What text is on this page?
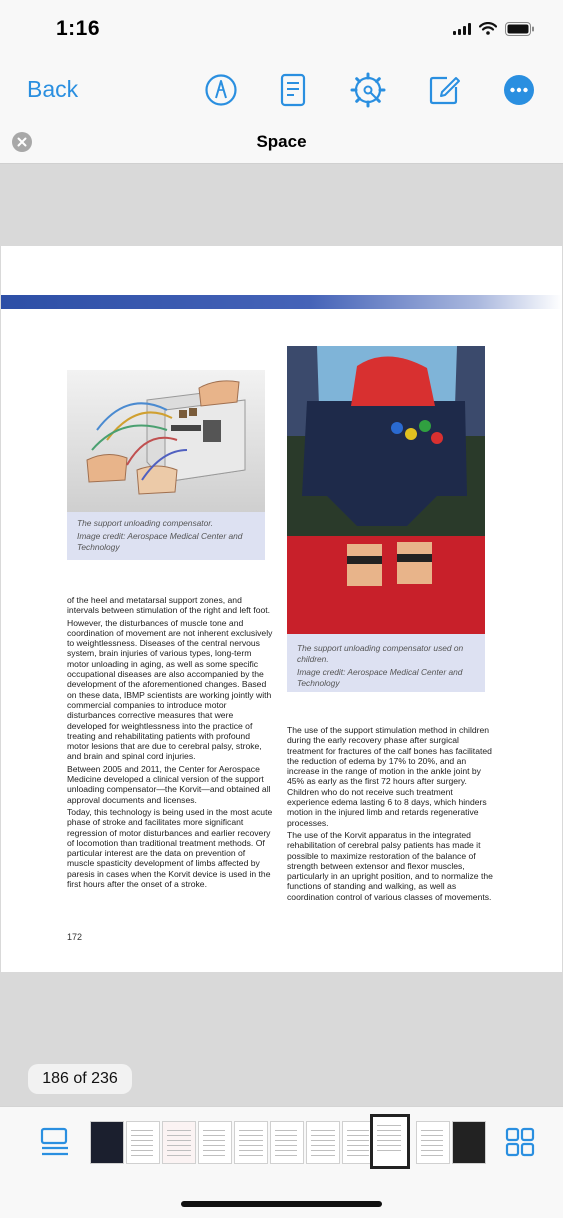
1:16
Back
Space

The support unloading compensator.

Image credit: Aerospace Medical Center and Technology

The support unloading compensator used on children.

Image credit: Aerospace Medical Center and Technology

of the heel and metatarsal support zones, and intervals between stimulation of the right and left foot.

However, the disturbances of muscle tone and coordination of movement are not inherent exclusively to weightlessness. Diseases of the central nervous system, brain injuries of various types, long-term motor unloading in aging, as well as some specific occupational diseases are also accompanied by the development of the aforementioned changes. Based on these data, IBMP scientists are working jointly with commercial companies to introduce motor disturbances corrective measures that were developed for weightlessness into the practice of treating and rehabilitating patients with profound motor lesions that are due to cerebral palsy, stroke, and brain and spinal cord injuries.

Between 2005 and 2011, the Center for Aerospace Medicine developed a clinical version of the support unloading compensator—the Korvit—and obtained all approval documents and licenses.

Today, this technology is being used in the most acute phase of stroke and facilitates more significant regression of motor disturbances and earlier recovery of locomotion than traditional treatment methods. Of particular interest are the data on prevention of muscle spasticity development of limbs affected by paresis in cases when the Korvit device is used in the first hours after the onset of a stroke.

The use of the support stimulation method in children during the early recovery phase after surgical treatment for fractures of the calf bones has facilitated the reduction of edema by 17% to 20%, and an increase in the range of motion in the ankle joint by 45% as early as the first 72 hours after surgery. Children who do not receive such treatment experience edema lasting 6 to 8 days, which hinders motion in the injured limb and retards regenerative processes.

The use of the Korvit apparatus in the integrated rehabilitation of cerebral palsy patients has made it possible to maximize restoration of the balance of strength between extensor and flexor muscles, particularly in an upright position, and to normalize the functions of standing and walking, as well as coordination control of various classes of movements.

172
186 of 236
